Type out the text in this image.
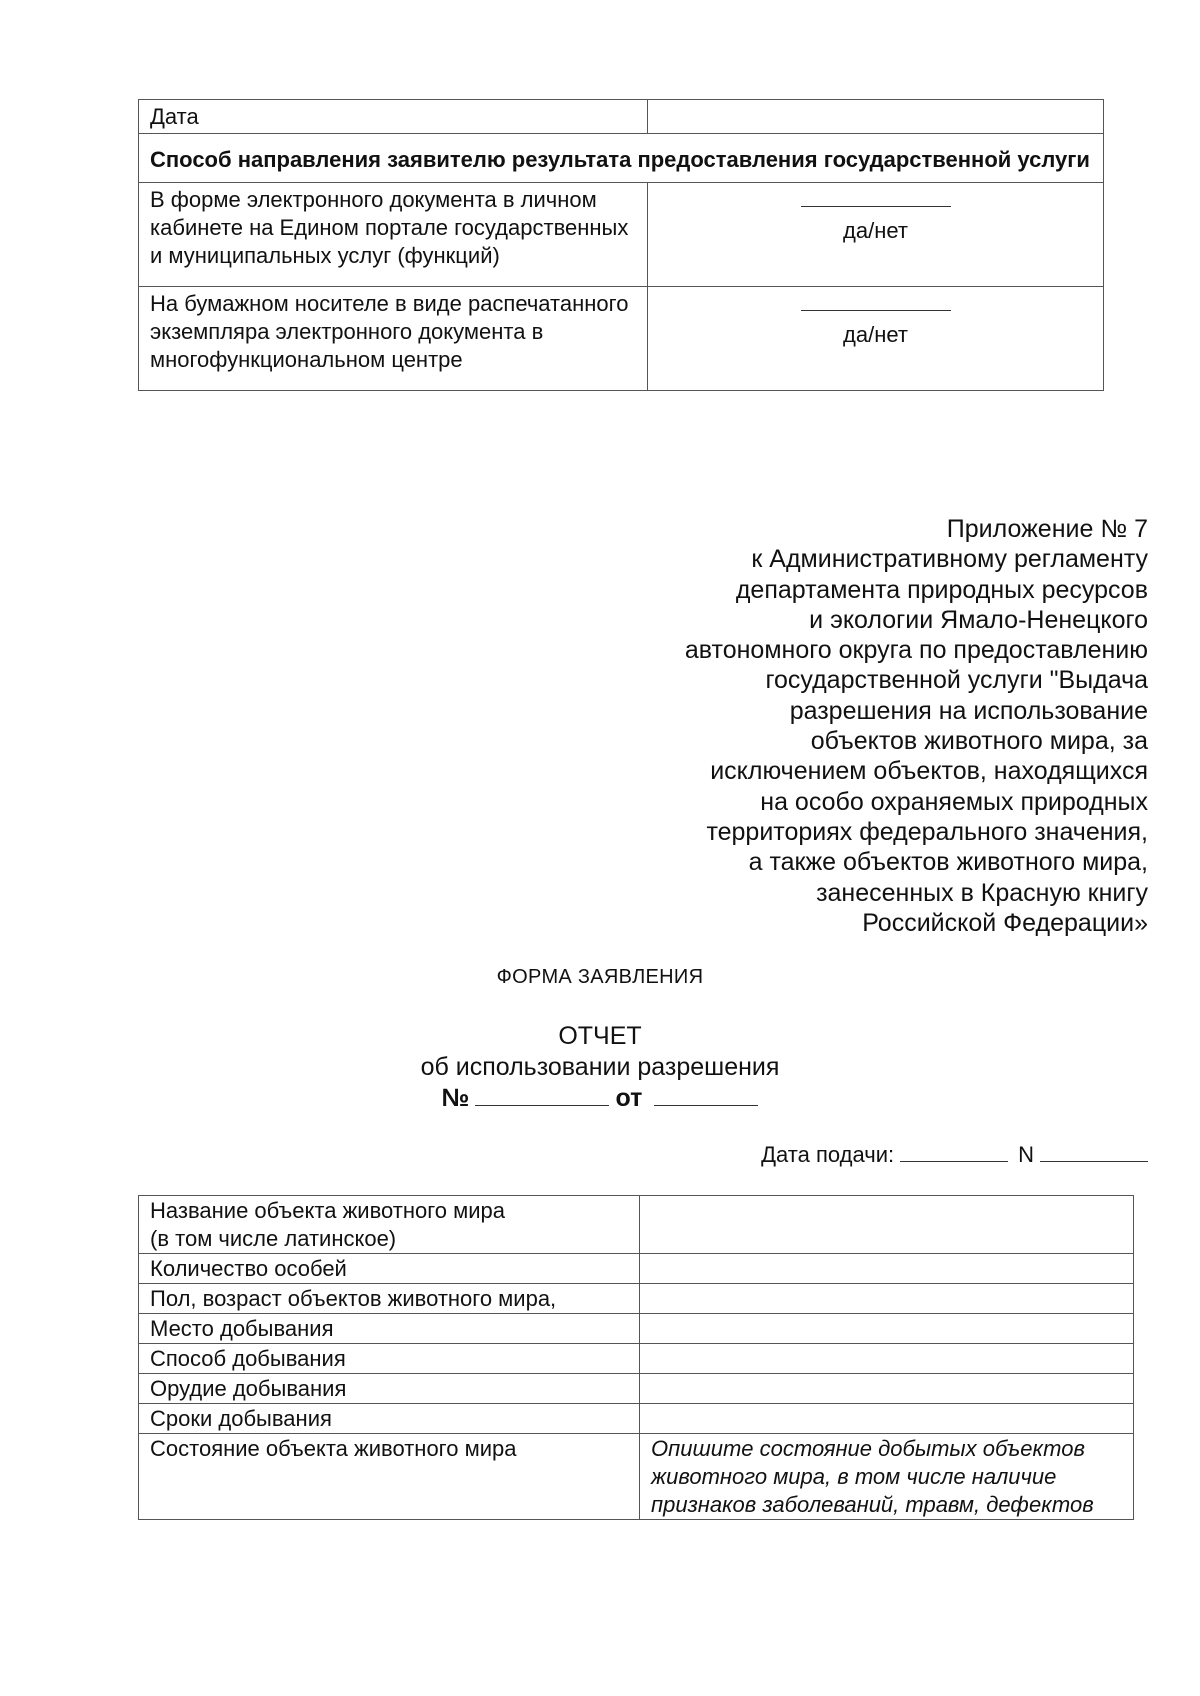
Дата	
Способ направления заявителю результата предоставления государственной услуги	
В форме электронного документа в личном кабинете на Едином портале государственных и муниципальных услуг (функций)	да/нет

На бумажном носителе в виде распечатанного экземпляра электронного документа в многофункциональном центре	да/нет
Приложение № 7
к Административному регламенту
департамента природных ресурсов
и экологии Ямало-Ненецкого
автономного округа по предоставлению
государственной услуги "Выдача
разрешения на использование
объектов животного мира, за
исключением объектов, находящихся
на особо охраняемых природных
территориях федерального значения,
а также объектов животного мира,
занесенных в Красную книгу
Российской Федерации»
ФОРМА ЗАЯВЛЕНИЯ
ОТЧЕТ
об использовании разрешения
№	от
Дата подачи:	N
Название объекта животного мира
(в том числе латинское)	
Количество особей	
Пол, возраст объектов животного мира,	
Место добывания	
Способ добывания	
Орудие добывания	
Сроки добывания	
Состояние объекта животного мира	Опишите состояние добытых объектов животного мира, в том числе наличие признаков заболеваний, травм, дефектов
